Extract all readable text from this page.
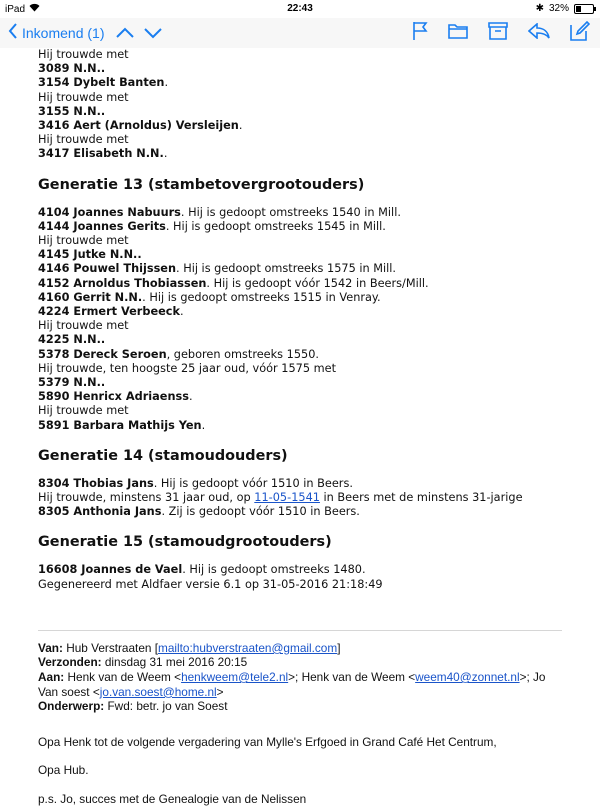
iPad	22:43	✱ 32%
Inkomend (1)

Hij trouwde met

3089 N.N..

3154 Dybelt Banten.

Hij trouwde met

3155 N.N..

3416 Aert (Arnoldus) Versleijen.

Hij trouwde met

3417 Elisabeth N.N..

Generatie 13 (stambetovergrootouders)

4104 Joannes Nabuurs. Hij is gedoopt omstreeks 1540 in Mill.

4144 Joannes Gerits. Hij is gedoopt omstreeks 1545 in Mill.

Hij trouwde met

4145 Jutke N.N..

4146 Pouwel Thijssen. Hij is gedoopt omstreeks 1575 in Mill.

4152 Arnoldus Thobiassen. Hij is gedoopt vóór 1542 in Beers/Mill.

4160 Gerrit N.N.. Hij is gedoopt omstreeks 1515 in Venray.

4224 Ermert Verbeeck.

Hij trouwde met

4225 N.N..

5378 Dereck Seroen, geboren omstreeks 1550.

Hij trouwde, ten hoogste 25 jaar oud, vóór 1575 met

5379 N.N..

5890 Henricx Adriaenss.

Hij trouwde met

5891 Barbara Mathijs Yen.

Generatie 14 (stamoudouders)

8304 Thobias Jans. Hij is gedoopt vóór 1510 in Beers.

Hij trouwde, minstens 31 jaar oud, op 11-05-1541 in Beers met de minstens 31-jarige

8305 Anthonia Jans. Zij is gedoopt vóór 1510 in Beers.

Generatie 15 (stamoudgrootouders)

16608 Joannes de Vael. Hij is gedoopt omstreeks 1480.

Gegenereerd met Aldfaer versie 6.1 op 31-05-2016 21:18:49

Van: Hub Verstraaten [mailto:hubverstraaten@gmail.com]

Verzonden: dinsdag 31 mei 2016 20:15

Aan: Henk van de Weem <henkweem@tele2.nl>; Henk van de Weem <weem40@zonnet.nl>; Jo
Van soest <jo.van.soest@home.nl>

Onderwerp: Fwd: betr. jo van Soest

Opa Henk tot de volgende vergadering van Mylle's Erfgoed in Grand Café Het Centrum,

Opa Hub.

p.s. Jo, succes met de Genealogie van de Nelissen
